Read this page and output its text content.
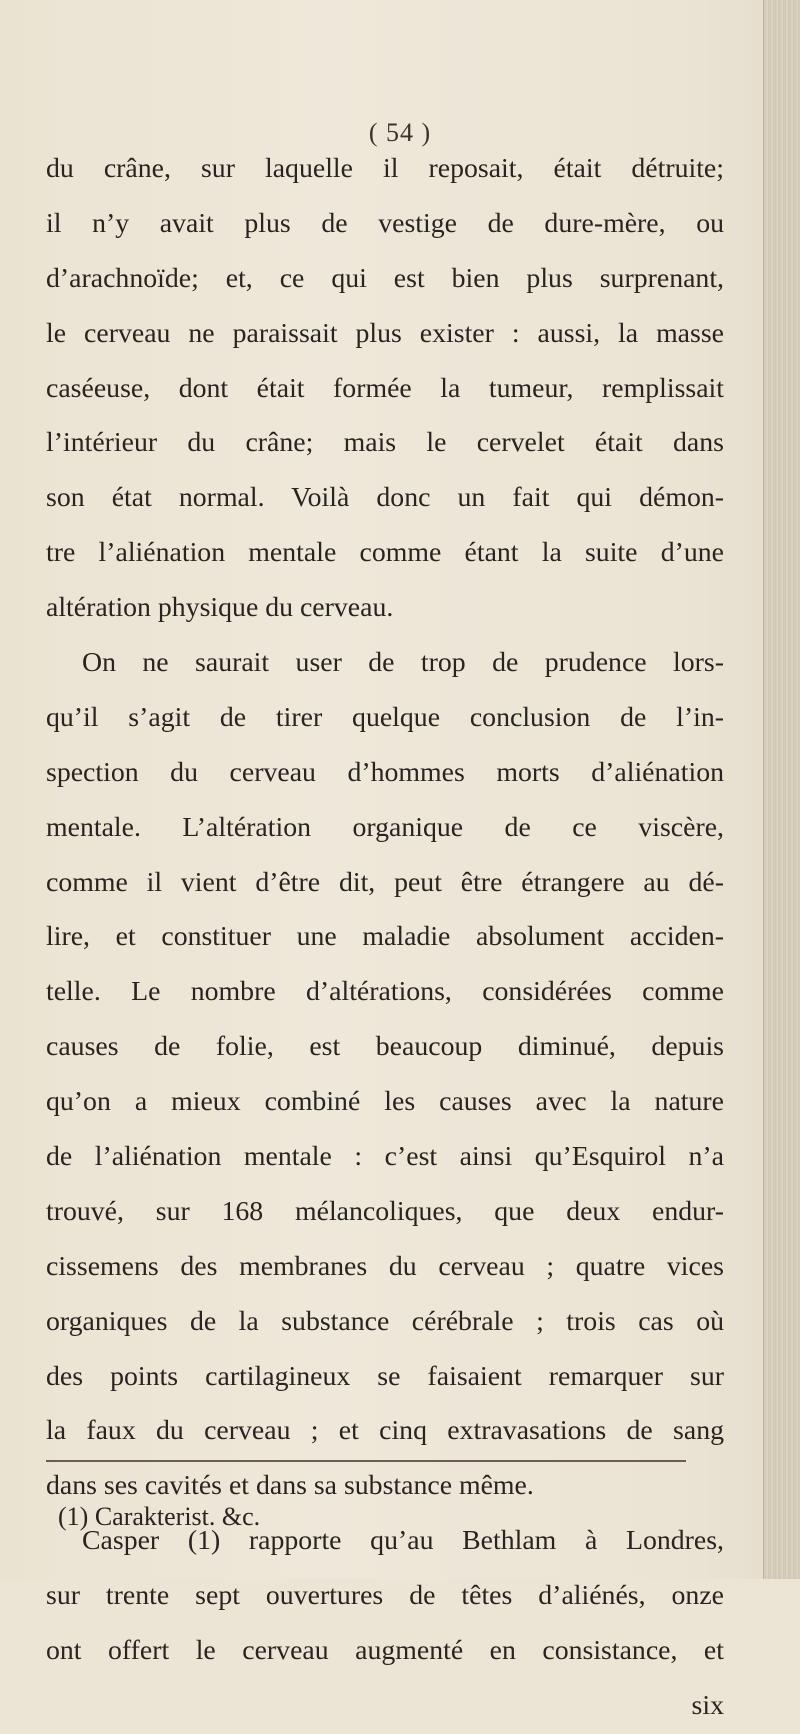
( 54 )
du crâne, sur laquelle il reposait, était détruite;
il n’y avait plus de vestige de dure-mère, ou
d’arachnoïde; et, ce qui est bien plus surprenant,
le cerveau ne paraissait plus exister : aussi, la masse
caséeuse, dont était formée la tumeur, remplissait
l’intérieur du crâne; mais le cervelet était dans
son état normal. Voilà donc un fait qui démon-
tre l’aliénation mentale comme étant la suite d’une
altération physique du cerveau.
On ne saurait user de trop de prudence lors-
qu’il s’agit de tirer quelque conclusion de l’in-
spection du cerveau d’hommes morts d’aliénation
mentale. L’altération organique de ce viscère,
comme il vient d’être dit, peut être étrangere au dé-
lire, et constituer une maladie absolument acciden-
telle. Le nombre d’altérations, considérées comme
causes de folie, est beaucoup diminué, depuis
qu’on a mieux combiné les causes avec la nature
de l’aliénation mentale : c’est ainsi qu’Esquirol n’a
trouvé, sur 168 mélancoliques, que deux endur-
cissemens des membranes du cerveau ; quatre vices
organiques de la substance cérébrale ; trois cas où
des points cartilagineux se faisaient remarquer sur
la faux du cerveau ; et cinq extravasations de sang
dans ses cavités et dans sa substance même.
Casper (1) rapporte qu’au Bethlam à Londres,
sur trente sept ouvertures de têtes d’aliénés, onze
ont offert le cerveau augmenté en consistance, et
six
(1) Carakterist. &c.
